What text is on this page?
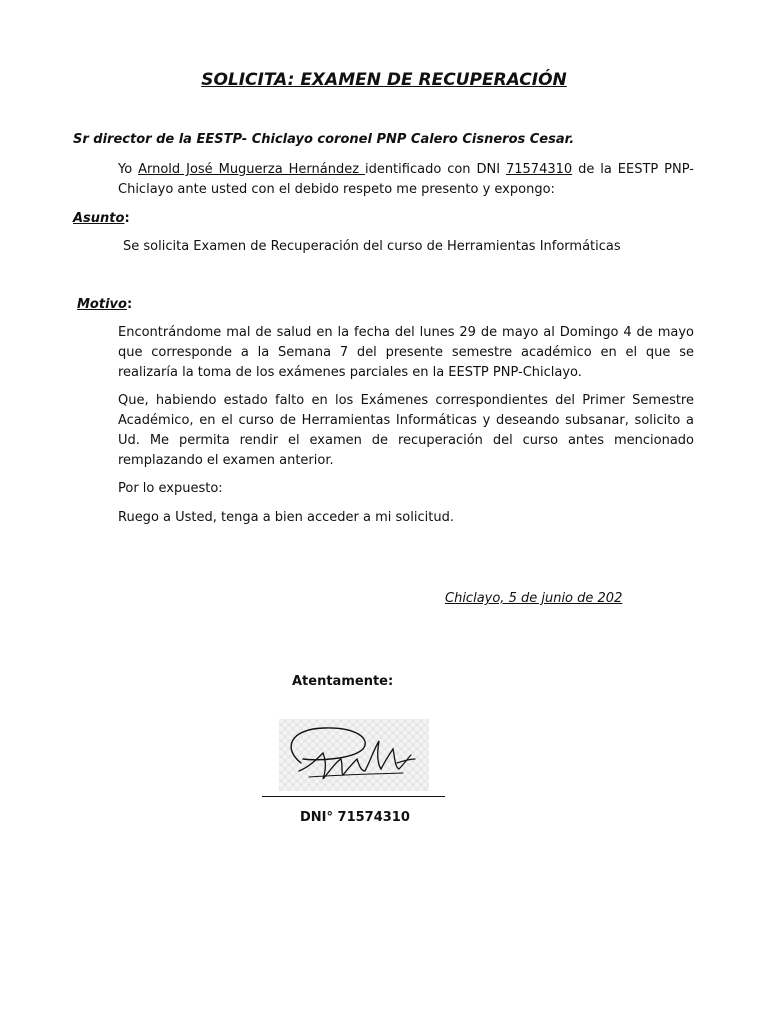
SOLICITA: EXAMEN DE RECUPERACIÓN
Sr director de la EESTP- Chiclayo coronel PNP Calero Cisneros Cesar.
Yo Arnold José Muguerza Hernández identificado con DNI 71574310 de la EESTP PNP-Chiclayo ante usted con el debido respeto me presento y expongo:
Asunto:
Se solicita Examen de Recuperación del curso de Herramientas Informáticas
Motivo:
Encontrándome mal de salud en la fecha del lunes 29 de mayo al Domingo 4 de mayo que corresponde a la Semana 7 del presente semestre académico en el que se realizaría la toma de los exámenes parciales en la EESTP PNP-Chiclayo.
Que, habiendo estado falto en los Exámenes correspondientes del Primer Semestre Académico, en el curso de Herramientas Informáticas y deseando subsanar, solicito a Ud. Me permita rendir el examen de recuperación del curso antes mencionado remplazando el examen anterior.
Por lo expuesto:
Ruego a Usted, tenga a bien acceder a mi solicitud.
Chiclayo, 5 de junio de 202
Atentamente:
DNI° 71574310
